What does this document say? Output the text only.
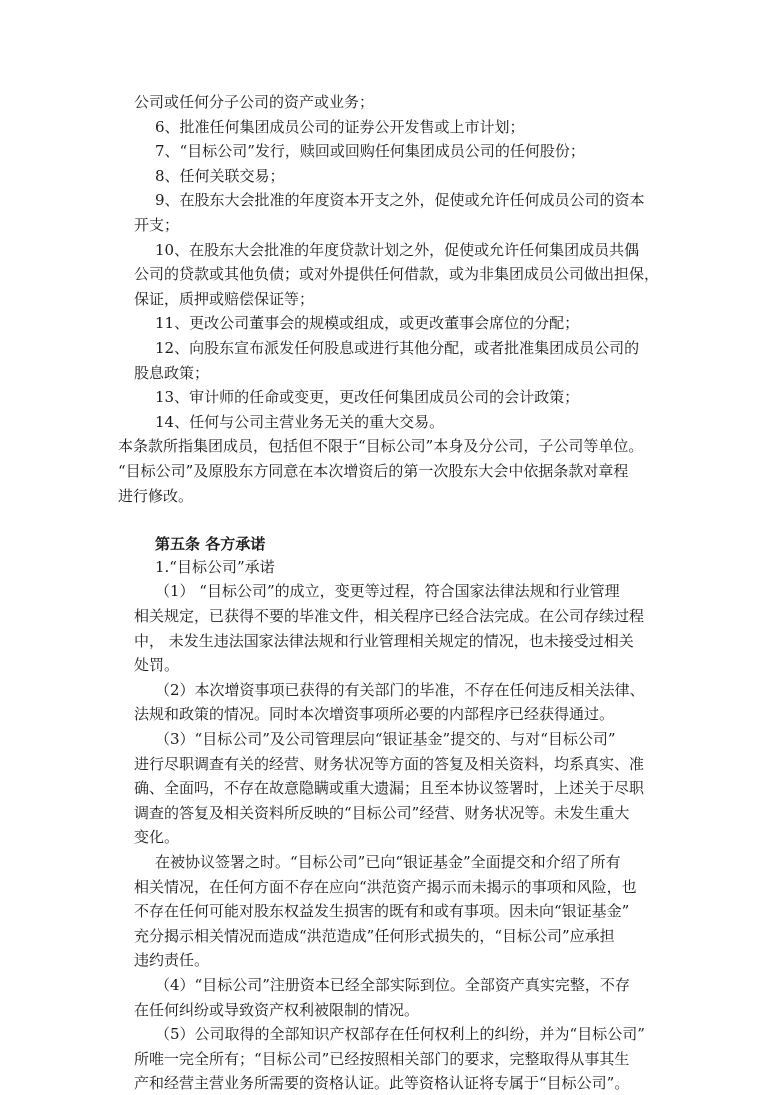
公司或任何分子公司的资产或业务；
6、批准任何集团成员公司的证券公开发售或上市计划；
7、“目标公司”发行，赎回或回购任何集团成员公司的任何股份；
8、任何关联交易；
9、在股东大会批准的年度资本开支之外，促使或允许任何成员公司的资本
开支；
10、在股东大会批准的年度贷款计划之外，促使或允许任何集团成员共偶
公司的贷款或其他负债；或对外提供任何借款，或为非集团成员公司做出担保，
保证，质押或赔偿保证等；
11、更改公司董事会的规模或组成，或更改董事会席位的分配；
12、向股东宣布派发任何股息或进行其他分配，或者批准集团成员公司的
股息政策；
13、审计师的任命或变更，更改任何集团成员公司的会计政策；
14、任何与公司主营业务无关的重大交易。
本条款所指集团成员，包括但不限于“目标公司”本身及分公司，子公司等单位。
“目标公司”及原股东方同意在本次增资后的第一次股东大会中依据条款对章程
进行修改。
第五条 各方承诺
1.“目标公司”承诺
（1） “目标公司”的成立，变更等过程，符合国家法律法规和行业管理
相关规定，已获得不要的毕准文件，相关程序已经合法完成。在公司存续过程
中， 未发生违法国家法律法规和行业管理相关规定的情况，也未接受过相关
处罚。
（2）本次增资事项已获得的有关部门的毕准，不存在任何违反相关法律、
法规和政策的情况。同时本次增资事项所必要的内部程序已经获得通过。
（3）“目标公司”及公司管理层向“银证基金”提交的、与对“目标公司”
进行尽职调查有关的经营、财务状况等方面的答复及相关资料，均系真实、准
确、全面吗，不存在故意隐瞒或重大遗漏；且至本协议签署时，上述关于尽职
调查的答复及相关资料所反映的“目标公司”经营、财务状况等。未发生重大
变化。
在被协议签署之时。“目标公司”已向“银证基金”全面提交和介绍了所有
相关情况，在任何方面不存在应向“洪范资产揭示而未揭示的事项和风险，也
不存在任何可能对股东权益发生损害的既有和或有事项。因未向“银证基金”
充分揭示相关情况而造成“洪范造成”任何形式损失的，“目标公司”应承担
违约责任。
（4）“目标公司”注册资本已经全部实际到位。全部资产真实完整，不存
在任何纠纷或导致资产权利被限制的情况。
（5）公司取得的全部知识产权部存在任何权利上的纠纷，并为“目标公司”
所唯一完全所有；“目标公司”已经按照相关部门的要求，完整取得从事其生
产和经营主营业务所需要的资格认证。此等资格认证将专属于“目标公司”。
